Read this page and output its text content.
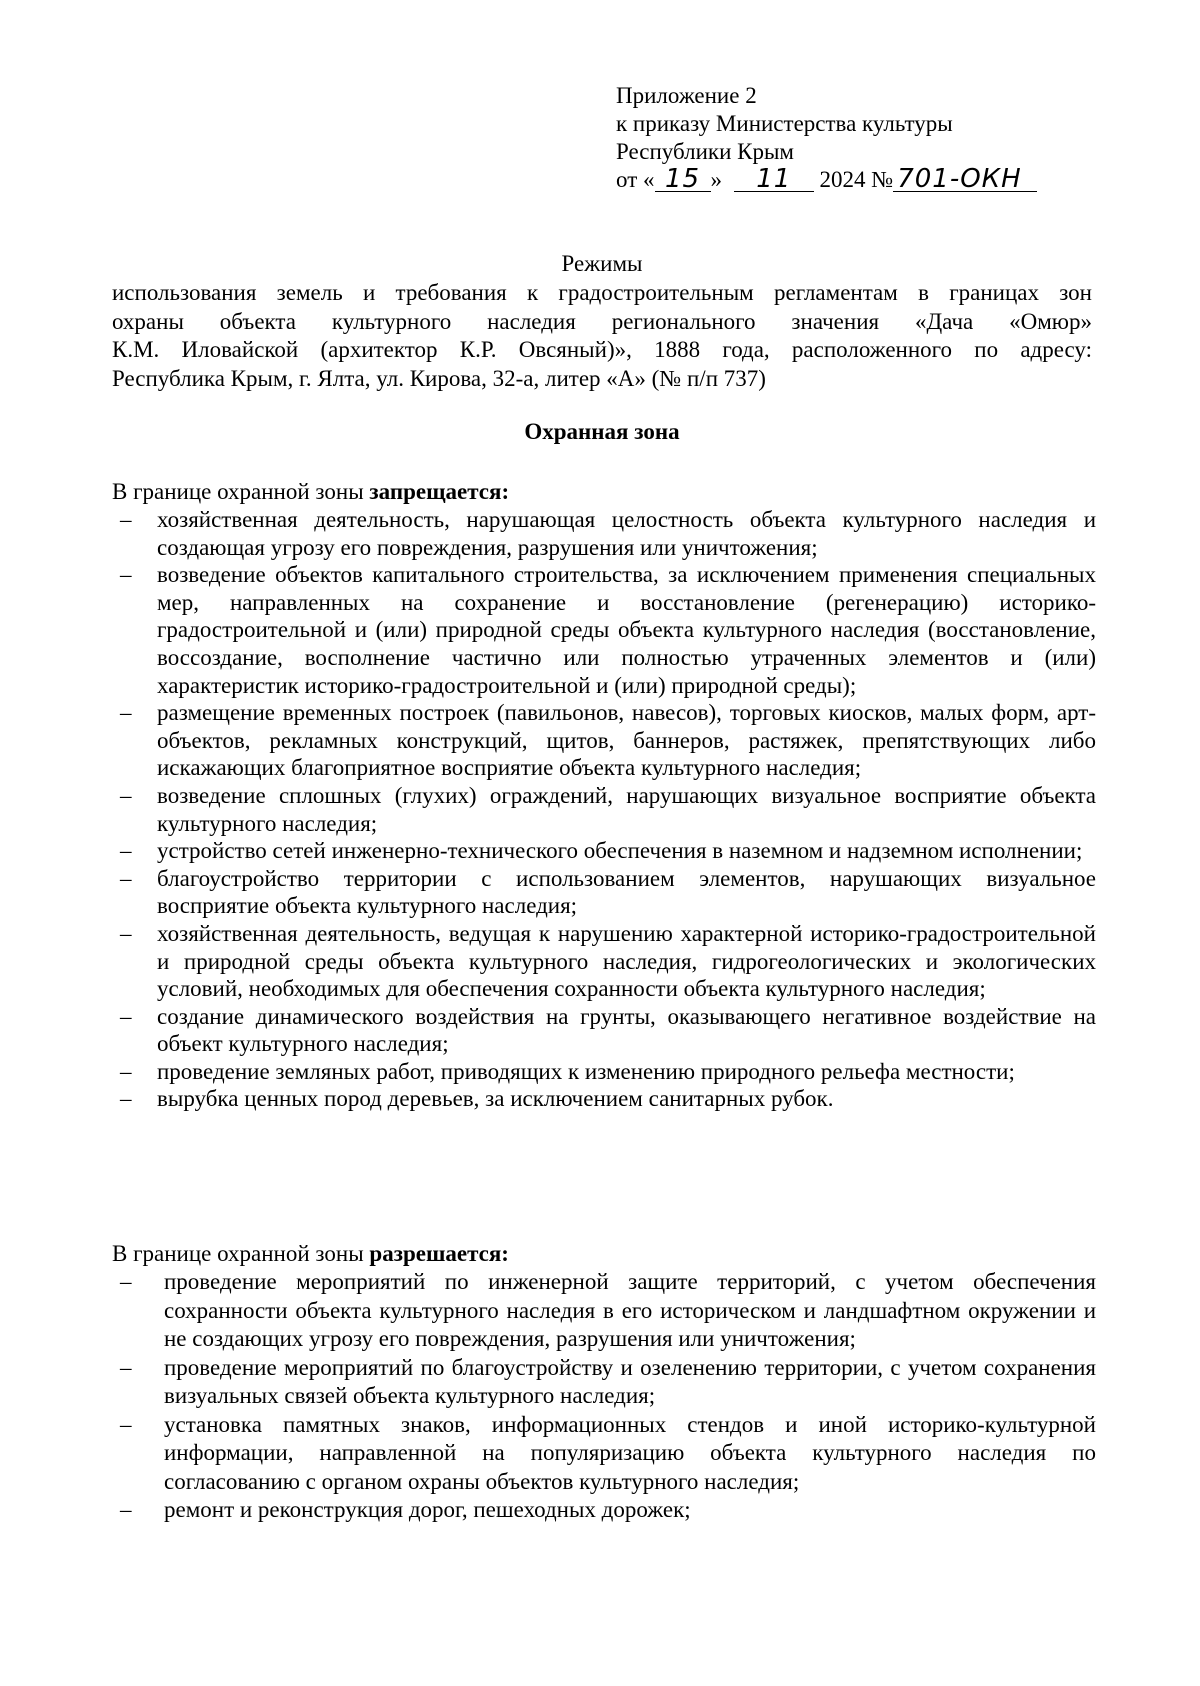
Приложение 2
к приказу Министерства культуры
Республики Крым
от « 15 » 11 2024 № 701-ОКН
Режимы
использования земель и требования к градостроительным регламентам в границах зон
охраны объекта культурного наследия регионального значения «Дача «Омюр»
К.М. Иловайской (архитектор К.Р. Овсяный)», 1888 года, расположенного по адресу:
Республика Крым, г. Ялта, ул. Кирова, 32-а, литер «А» (№ п/п 737)
Охранная зона
В границе охранной зоны запрещается:
– хозяйственная деятельность, нарушающая целостность объекта культурного наследия и создающая угрозу его повреждения, разрушения или уничтожения;
– возведение объектов капитального строительства, за исключением применения специальных мер, направленных на сохранение и восстановление (регенерацию) историко-градостроительной и (или) природной среды объекта культурного наследия (восстановление, воссоздание, восполнение частично или полностью утраченных элементов и (или) характеристик историко-градостроительной и (или) природной среды);
– размещение временных построек (павильонов, навесов), торговых киосков, малых форм, арт-объектов, рекламных конструкций, щитов, баннеров, растяжек, препятствующих либо искажающих благоприятное восприятие объекта культурного наследия;
– возведение сплошных (глухих) ограждений, нарушающих визуальное восприятие объекта культурного наследия;
– устройство сетей инженерно-технического обеспечения в наземном и надземном исполнении;
– благоустройство территории с использованием элементов, нарушающих визуальное восприятие объекта культурного наследия;
– хозяйственная деятельность, ведущая к нарушению характерной историко-градостроительной и природной среды объекта культурного наследия, гидрогеологических и экологических условий, необходимых для обеспечения сохранности объекта культурного наследия;
– создание динамического воздействия на грунты, оказывающего негативное воздействие на объект культурного наследия;
– проведение земляных работ, приводящих к изменению природного рельефа местности;
– вырубка ценных пород деревьев, за исключением санитарных рубок.
В границе охранной зоны разрешается:
– проведение мероприятий по инженерной защите территорий, с учетом обеспечения сохранности объекта культурного наследия в его историческом и ландшафтном окружении и не создающих угрозу его повреждения, разрушения или уничтожения;
– проведение мероприятий по благоустройству и озеленению территории, с учетом сохранения визуальных связей объекта культурного наследия;
– установка памятных знаков, информационных стендов и иной историко-культурной информации, направленной на популяризацию объекта культурного наследия по согласованию с органом охраны объектов культурного наследия;
– ремонт и реконструкция дорог, пешеходных дорожек;
